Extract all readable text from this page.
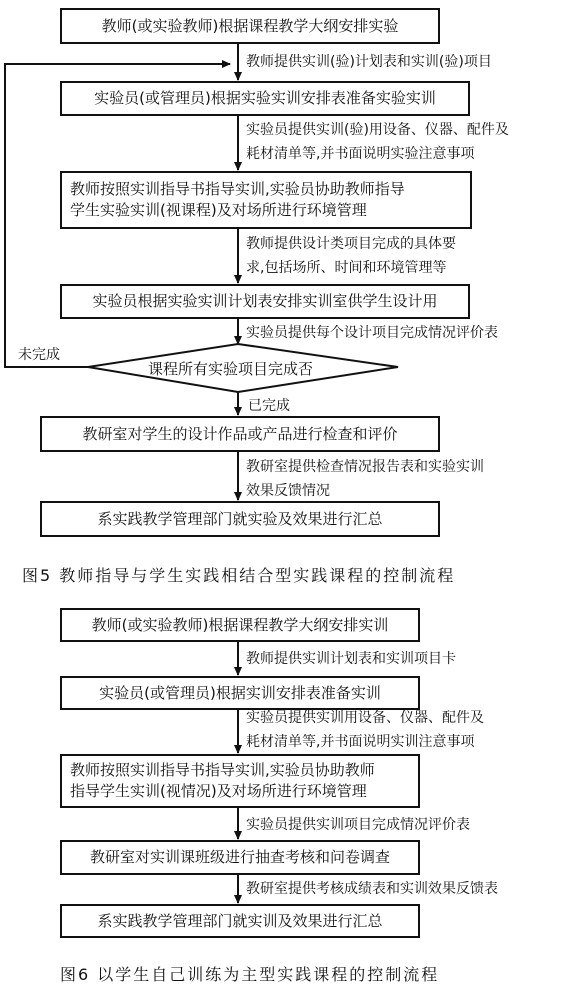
教师(或实验教师)根据课程教学大纲安排实验
实验员(或管理员)根据实验实训安排表准备实验实训
教师按照实训指导书指导实训,实验员协助教师指导
学生实验实训(视课程)及对场所进行环境管理
实验员根据实验实训计划表安排实训室供学生设计用
教研室对学生的设计作品或产品进行检查和评价
系实践教学管理部门就实验及效果进行汇总
教师提供实训(验)计划表和实训(验)项目
实验员提供实训(验)用设备、仪器、配件及
耗材清单等,并书面说明实验注意事项
教师提供设计类项目完成的具体要
求,包括场所、时间和环境管理等
实验员提供每个设计项目完成情况评价表
教研室提供检查情况报告表和实验实训
效果反馈情况
课程所有实验项目完成否
未完成
已完成
图5 教师指导与学生实践相结合型实践课程的控制流程
教师(或实验教师)根据课程教学大纲安排实训
实验员(或管理员)根据实训安排表准备实训
教师按照实训指导书指导实训,实验员协助教师
指导学生实训(视情况)及对场所进行环境管理
教研室对实训课班级进行抽查考核和问卷调查
系实践教学管理部门就实训及效果进行汇总
教师提供实训计划表和实训项目卡
实验员提供实训用设备、仪器、配件及
耗材清单等,并书面说明实训注意事项
实验员提供实训项目完成情况评价表
教研室提供考核成绩表和实训效果反馈表
图6 以学生自己训练为主型实践课程的控制流程
